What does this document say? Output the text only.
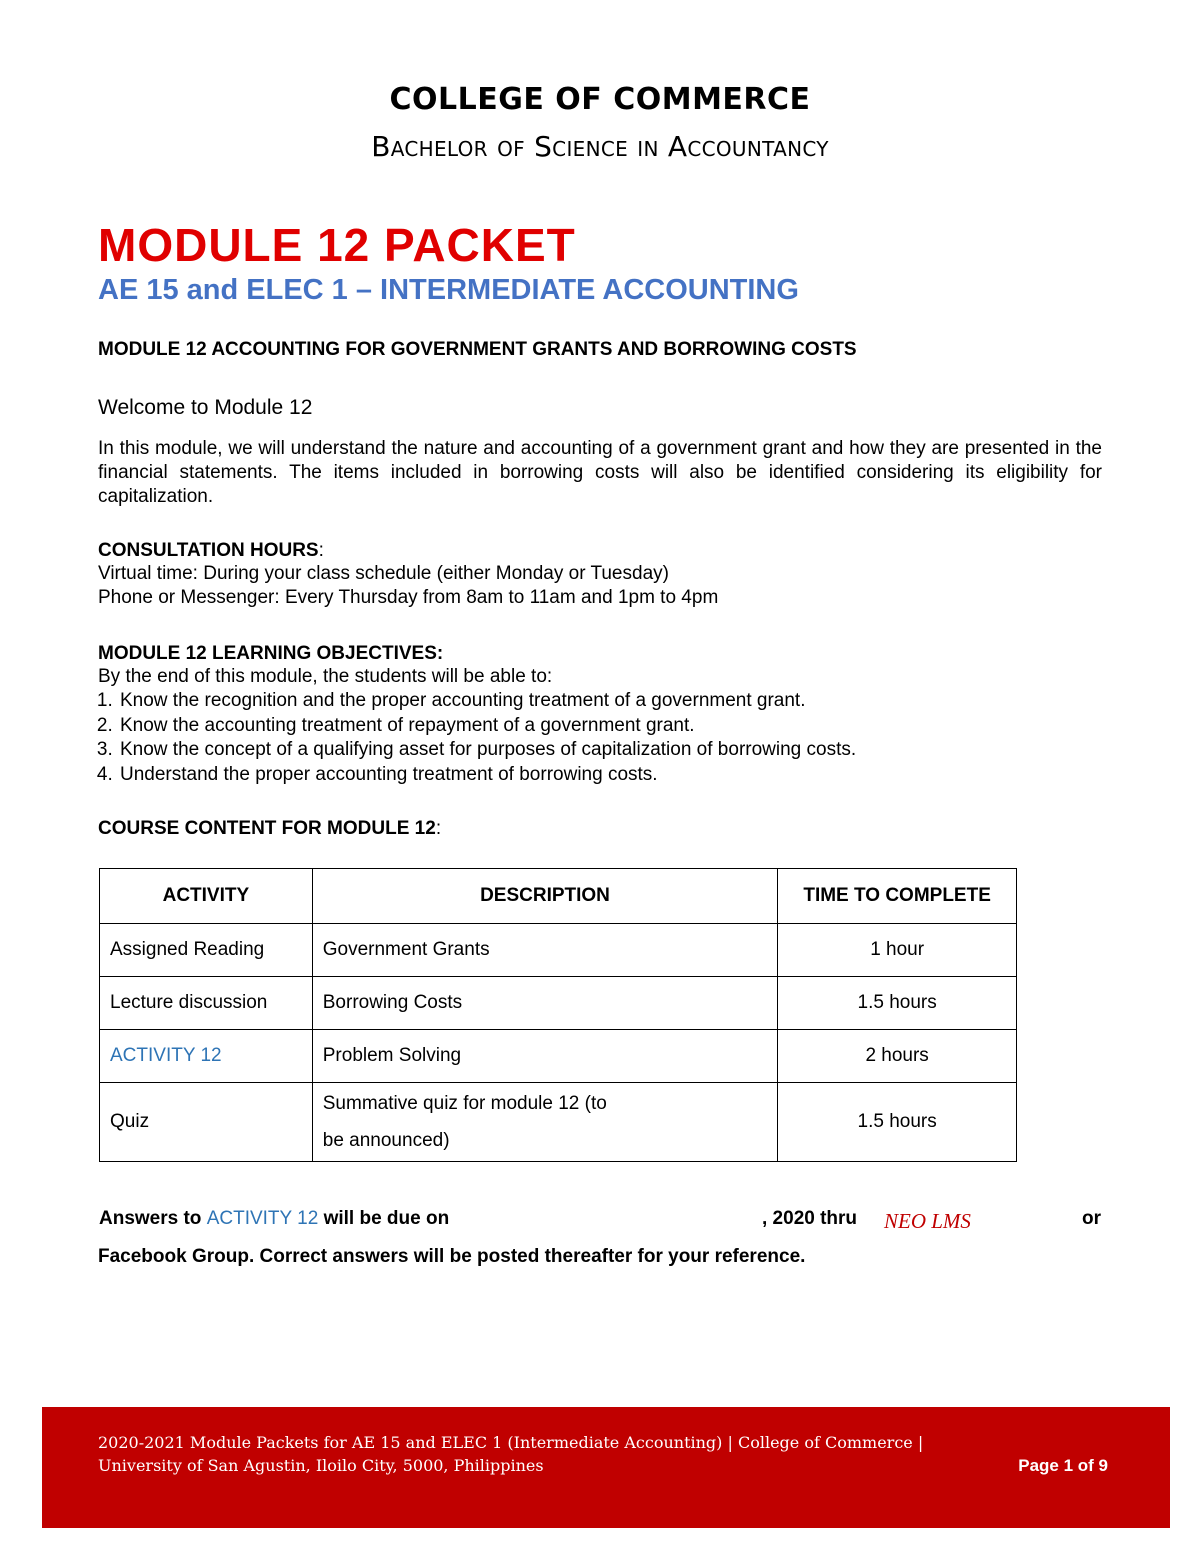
COLLEGE OF COMMERCE
Bachelor of Science in Accountancy
MODULE 12 PACKET
AE 15 and ELEC 1 – INTERMEDIATE ACCOUNTING
MODULE 12 ACCOUNTING FOR GOVERNMENT GRANTS AND BORROWING COSTS
Welcome to Module 12
In this module, we will understand the nature and accounting of a government grant and how they are presented in the financial statements. The items included in borrowing costs will also be identified considering its eligibility for capitalization.
CONSULTATION HOURS:
Virtual time: During your class schedule (either Monday or Tuesday)
Phone or Messenger: Every Thursday from 8am to 11am and 1pm to 4pm
MODULE 12 LEARNING OBJECTIVES:
By the end of this module, the students will be able to:
1. Know the recognition and the proper accounting treatment of a government grant.
2. Know the accounting treatment of repayment of a government grant.
3. Know the concept of a qualifying asset for purposes of capitalization of borrowing costs.
4. Understand the proper accounting treatment of borrowing costs.
COURSE CONTENT FOR MODULE 12:
ACTIVITY	DESCRIPTION	TIME TO COMPLETE
Assigned Reading	Government Grants	1 hour
Lecture discussion	Borrowing Costs	1.5 hours
ACTIVITY 12	Problem Solving	2 hours
Quiz	Summative quiz for module 12 (to be announced)	1.5 hours
Answers to ACTIVITY 12 will be due on	, 2020 thru NEO LMS	or
Facebook Group. Correct answers will be posted thereafter for your reference.
2020-2021 Module Packets for AE 15 and ELEC 1 (Intermediate Accounting) | College of Commerce |
University of San Agustin, Iloilo City, 5000, Philippines	Page 1 of 9
